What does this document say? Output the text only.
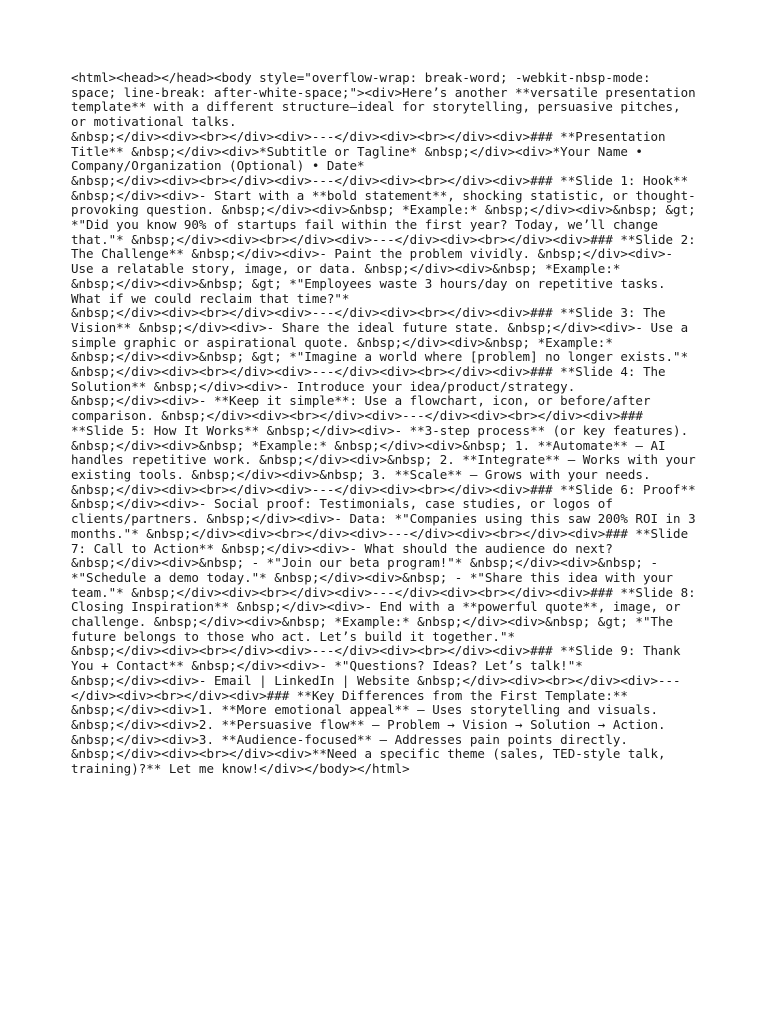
<html><head></head><body style="overflow-wrap: break-word; -webkit-nbsp-mode:
space; line-break: after-white-space;"><div>Here’s another **versatile presentation
template** with a different structure—ideal for storytelling, persuasive pitches,
or motivational talks.
&nbsp;</div><div><br></div><div>---</div><div><br></div><div>### **Presentation
Title** &nbsp;</div><div>*Subtitle or Tagline* &nbsp;</div><div>*Your Name •
Company/Organization (Optional) • Date*
&nbsp;</div><div><br></div><div>---</div><div><br></div><div>### **Slide 1: Hook**
&nbsp;</div><div>- Start with a **bold statement**, shocking statistic, or thought-
provoking question. &nbsp;</div><div>&nbsp; *Example:* &nbsp;</div><div>&nbsp; &gt;
*"Did you know 90% of startups fail within the first year? Today, we’ll change
that."* &nbsp;</div><div><br></div><div>---</div><div><br></div><div>### **Slide 2:
The Challenge** &nbsp;</div><div>- Paint the problem vividly. &nbsp;</div><div>-
Use a relatable story, image, or data. &nbsp;</div><div>&nbsp; *Example:*
&nbsp;</div><div>&nbsp; &gt; *"Employees waste 3 hours/day on repetitive tasks.
What if we could reclaim that time?"*
&nbsp;</div><div><br></div><div>---</div><div><br></div><div>### **Slide 3: The
Vision** &nbsp;</div><div>- Share the ideal future state. &nbsp;</div><div>- Use a
simple graphic or aspirational quote. &nbsp;</div><div>&nbsp; *Example:*
&nbsp;</div><div>&nbsp; &gt; *"Imagine a world where [problem] no longer exists."*
&nbsp;</div><div><br></div><div>---</div><div><br></div><div>### **Slide 4: The
Solution** &nbsp;</div><div>- Introduce your idea/product/strategy.
&nbsp;</div><div>- **Keep it simple**: Use a flowchart, icon, or before/after
comparison. &nbsp;</div><div><br></div><div>---</div><div><br></div><div>###
**Slide 5: How It Works** &nbsp;</div><div>- **3-step process** (or key features).
&nbsp;</div><div>&nbsp; *Example:* &nbsp;</div><div>&nbsp; 1. **Automate** – AI
handles repetitive work. &nbsp;</div><div>&nbsp; 2. **Integrate** – Works with your
existing tools. &nbsp;</div><div>&nbsp; 3. **Scale** – Grows with your needs.
&nbsp;</div><div><br></div><div>---</div><div><br></div><div>### **Slide 6: Proof**
&nbsp;</div><div>- Social proof: Testimonials, case studies, or logos of
clients/partners. &nbsp;</div><div>- Data: *"Companies using this saw 200% ROI in 3
months."* &nbsp;</div><div><br></div><div>---</div><div><br></div><div>### **Slide
7: Call to Action** &nbsp;</div><div>- What should the audience do next?
&nbsp;</div><div>&nbsp; - *"Join our beta program!"* &nbsp;</div><div>&nbsp; -
*"Schedule a demo today."* &nbsp;</div><div>&nbsp; - *"Share this idea with your
team."* &nbsp;</div><div><br></div><div>---</div><div><br></div><div>### **Slide 8:
Closing Inspiration** &nbsp;</div><div>- End with a **powerful quote**, image, or
challenge. &nbsp;</div><div>&nbsp; *Example:* &nbsp;</div><div>&nbsp; &gt; *"The
future belongs to those who act. Let’s build it together."*
&nbsp;</div><div><br></div><div>---</div><div><br></div><div>### **Slide 9: Thank
You + Contact** &nbsp;</div><div>- *"Questions? Ideas? Let’s talk!"*
&nbsp;</div><div>- Email | LinkedIn | Website &nbsp;</div><div><br></div><div>---
</div><div><br></div><div>### **Key Differences from the First Template:**
&nbsp;</div><div>1. **More emotional appeal** – Uses storytelling and visuals.
&nbsp;</div><div>2. **Persuasive flow** – Problem → Vision → Solution → Action.
&nbsp;</div><div>3. **Audience-focused** – Addresses pain points directly.
&nbsp;</div><div><br></div><div>**Need a specific theme (sales, TED-style talk,
training)?** Let me know!</div></body></html>
